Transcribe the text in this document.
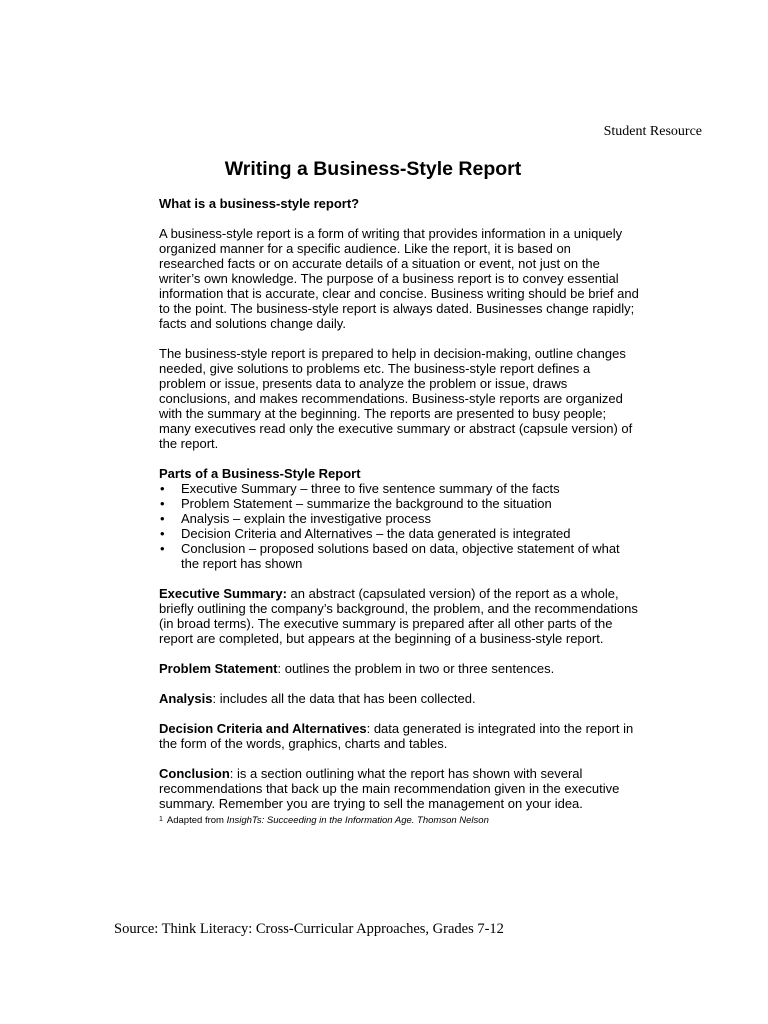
Student Resource
Writing a Business-Style Report

What is a business-style report?

A business-style report is a form of writing that provides information in a uniquely organized manner for a specific audience. Like the report, it is based on researched facts or on accurate details of a situation or event, not just on the writer’s own knowledge. The purpose of a business report is to convey essential information that is accurate, clear and concise. Business writing should be brief and to the point. The business-style report is always dated. Businesses change rapidly; facts and solutions change daily.

The business-style report is prepared to help in decision-making, outline changes needed, give solutions to problems etc. The business-style report defines a problem or issue, presents data to analyze the problem or issue, draws conclusions, and makes recommendations. Business-style reports are organized with the summary at the beginning. The reports are presented to busy people; many executives read only the executive summary or abstract (capsule version) of the report.

Parts of a Business-Style Report

• Executive Summary – three to five sentence summary of the facts
• Problem Statement – summarize the background to the situation
• Analysis – explain the investigative process
• Decision Criteria and Alternatives – the data generated is integrated
• Conclusion – proposed solutions based on data, objective statement of what the report has shown

Executive Summary: an abstract (capsulated version) of the report as a whole, briefly outlining the company’s background, the problem, and the recommendations (in broad terms). The executive summary is prepared after all other parts of the report are completed, but appears at the beginning of a business-style report.

Problem Statement: outlines the problem in two or three sentences.

Analysis: includes all the data that has been collected.

Decision Criteria and Alternatives: data generated is integrated into the report in the form of the words, graphics, charts and tables.

Conclusion: is a section outlining what the report has shown with several recommendations that back up the main recommendation given in the executive summary. Remember you are trying to sell the management on your idea.

$^1$ Adapted from InsighTs: Succeeding in the Information Age. Thomson Nelson

Source: Think Literacy: Cross-Curricular Approaches, Grades 7-12
